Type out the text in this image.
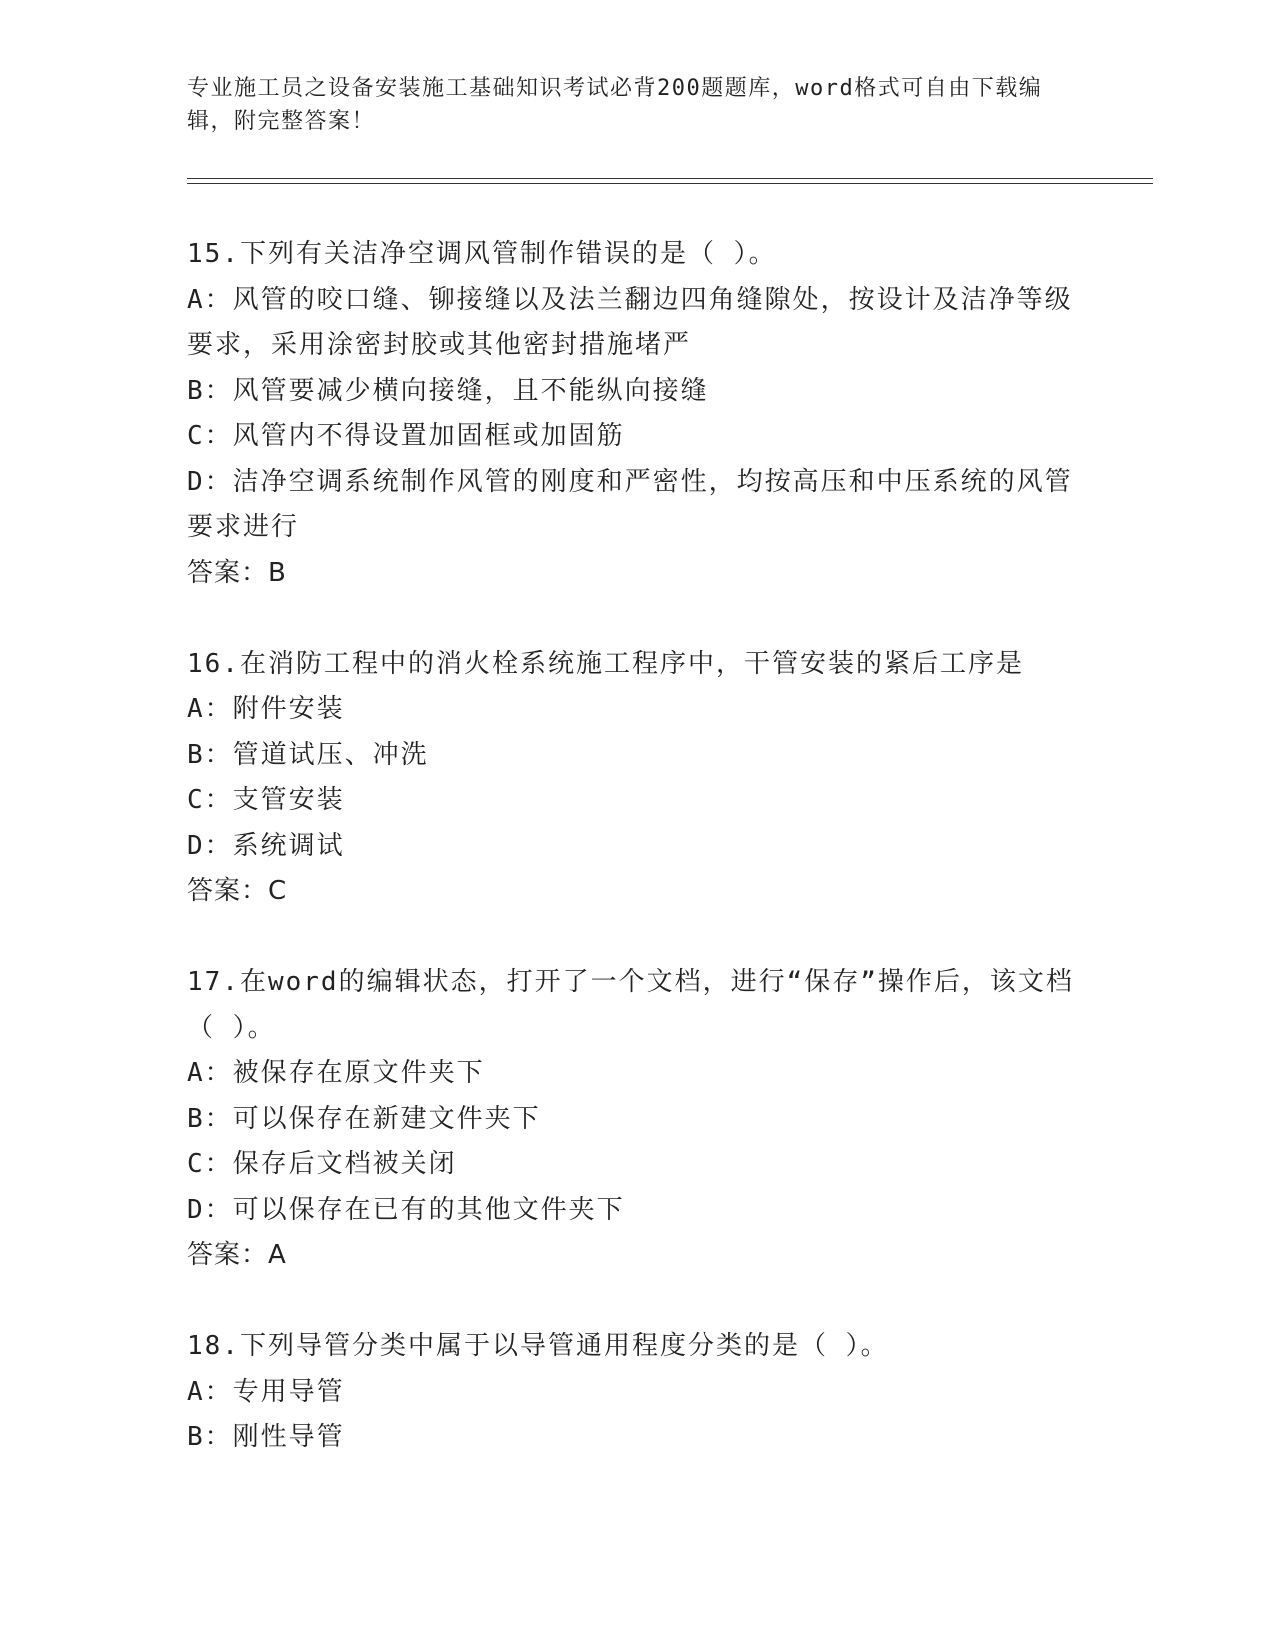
专业施工员之设备安装施工基础知识考试必背200题题库，word格式可自由下载编辑，附完整答案！

15.下列有关洁净空调风管制作错误的是（ ）。

A：风管的咬口缝、铆接缝以及法兰翻边四角缝隙处，按设计及洁净等级要求，采用涂密封胶或其他密封措施堵严

B：风管要减少横向接缝，且不能纵向接缝

C：风管内不得设置加固框或加固筋

D：洁净空调系统制作风管的刚度和严密性，均按高压和中压系统的风管要求进行

答案：B

16.在消防工程中的消火栓系统施工程序中，干管安装的紧后工序是

A：附件安装

B：管道试压、冲洗

C：支管安装

D：系统调试

答案：C

17.在word的编辑状态，打开了一个文档，进行“保存”操作后，该文档（ ）。

A：被保存在原文件夹下

B：可以保存在新建文件夹下

C：保存后文档被关闭

D：可以保存在已有的其他文件夹下

答案：A

18.下列导管分类中属于以导管通用程度分类的是（ ）。

A：专用导管

B：刚性导管
